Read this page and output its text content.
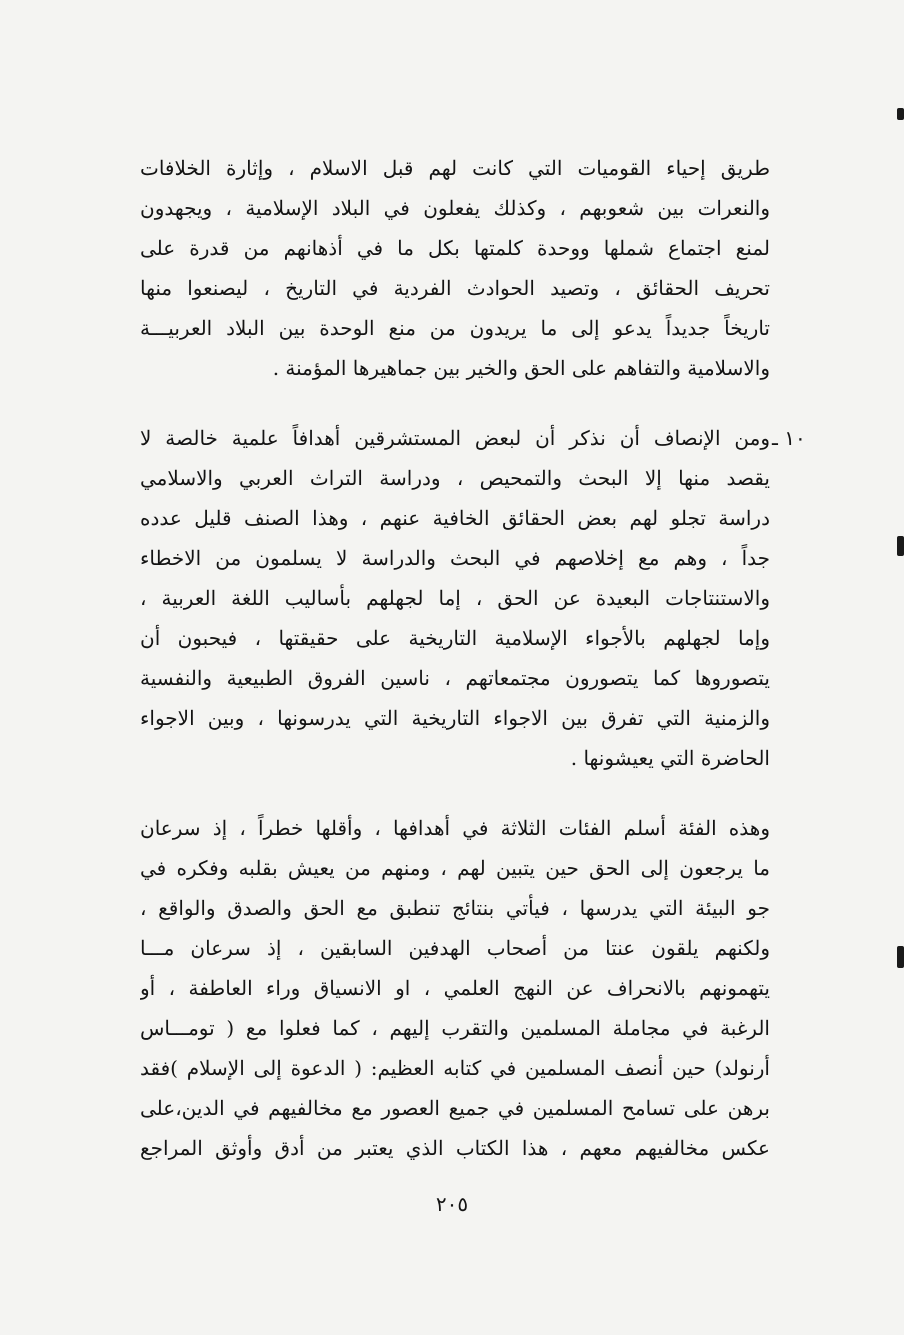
طريق إحياء القوميات التي كانت لهم قبل الاسلام ، وإثارة الخلافات
والنعرات بين شعوبهم ، وكذلك يفعلون في البلاد الإسلامية ، ويجهدون
لمنع اجتماع شملها ووحدة كلمتها بكل ما في أذهانهم من قدرة على
تحريف الحقائق ، وتصيد الحوادث الفردية في التاريخ ، ليصنعوا منها
تاريخاً جديداً يدعو إلى ما يريدون من منع الوحدة بين البلاد العربيـــة
والاسلامية والتفاهم على الحق والخير بين جماهيرها المؤمنة .
١٠ ـ
ومن الإنصاف أن نذكر أن لبعض المستشرقين أهدافاً علمية خالصة لا
يقصد منها إلا البحث والتمحيص ، ودراسة التراث العربي والاسلامي
دراسة تجلو لهم بعض الحقائق الخافية عنهم ، وهذا الصنف قليل عدده
جداً ، وهم مع إخلاصهم في البحث والدراسة لا يسلمون من الاخطاء
والاستنتاجات البعيدة عن الحق ، إما لجهلهم بأساليب اللغة العربية ،
وإما لجهلهم بالأجواء الإسلامية التاريخية على حقيقتها ، فيحبون أن
يتصوروها كما يتصورون مجتمعاتهم ، ناسين الفروق الطبيعية والنفسية
والزمنية التي تفرق بين الاجواء التاريخية التي يدرسونها ، وبين الاجواء
الحاضرة التي يعيشونها .
وهذه الفئة أسلم الفئات الثلاثة في أهدافها ، وأقلها خطراً ، إذ سرعان
ما يرجعون إلى الحق حين يتبين لهم ، ومنهم من يعيش بقلبه وفكره في
جو البيئة التي يدرسها ، فيأتي بنتائج تنطبق مع الحق والصدق والواقع ،
ولكنهم يلقون عنتا من أصحاب الهدفين السابقين ، إذ سرعان مـــا
يتهمونهم بالانحراف عن النهج العلمي ، او الانسياق وراء العاطفة ، أو
الرغبة في مجاملة المسلمين والتقرب إليهم ، كما فعلوا مع ( تومـــاس
أرنولد) حين أنصف المسلمين في كتابه العظيم: ( الدعوة إلى الإسلام )فقد
برهن على تسامح المسلمين في جميع العصور مع مخالفيهم في الدين،على
عكس مخالفيهم معهم ، هذا الكتاب الذي يعتبر من أدق وأوثق المراجع
٢٠٥
